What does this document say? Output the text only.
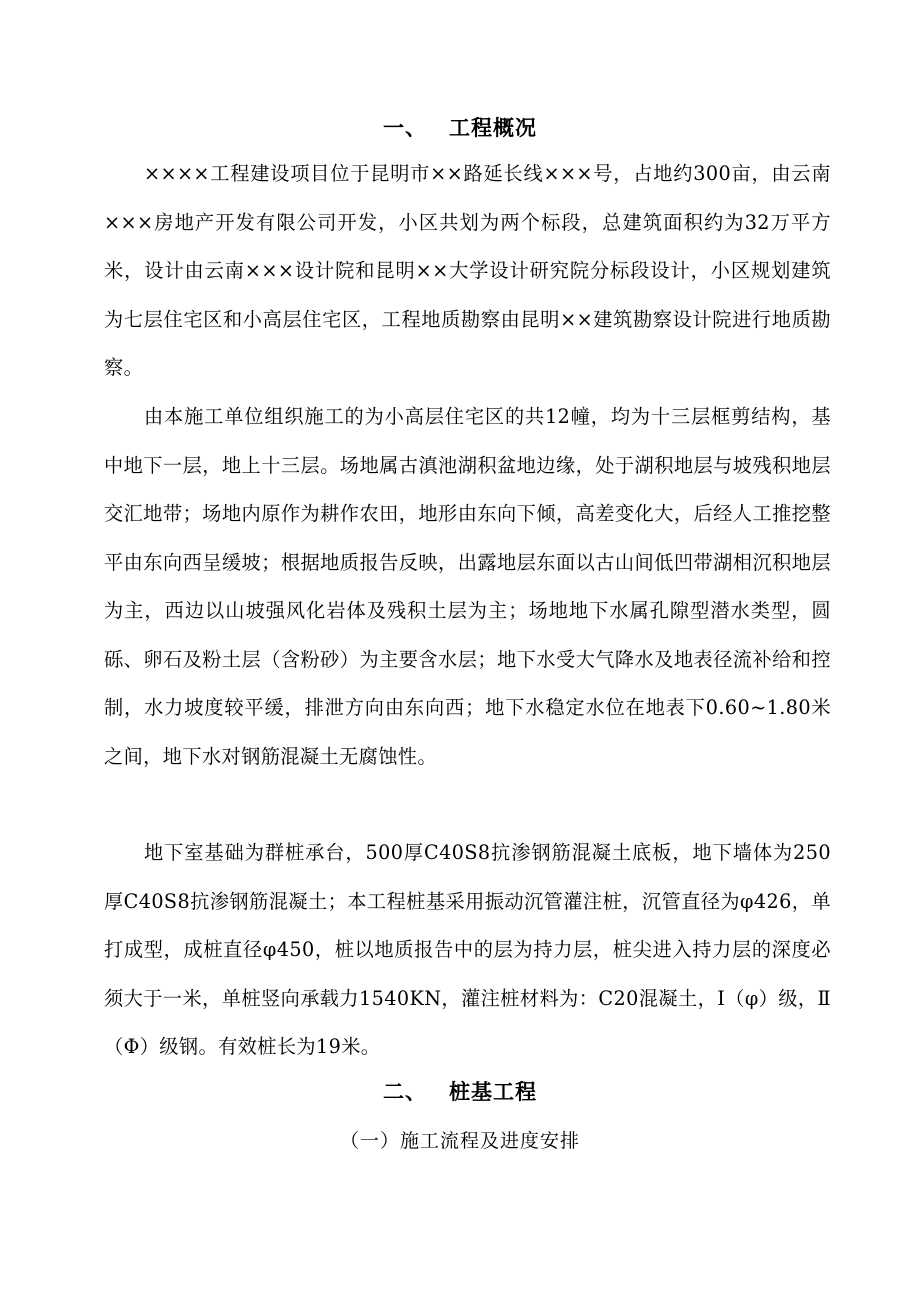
一、 工程概况

××××工程建设项目位于昆明市××路延长线×××号，占地约300亩，由云南×××房地产开发有限公司开发，小区共划为两个标段，总建筑面积约为32万平方米，设计由云南×××设计院和昆明××大学设计研究院分标段设计，小区规划建筑为七层住宅区和小高层住宅区，工程地质勘察由昆明××建筑勘察设计院进行地质勘察。

由本施工单位组织施工的为小高层住宅区的共12幢，均为十三层框剪结构，基中地下一层，地上十三层。场地属古滇池湖积盆地边缘，处于湖积地层与坡残积地层交汇地带；场地内原作为耕作农田，地形由东向下倾，高差变化大，后经人工推挖整平由东向西呈缓坡；根据地质报告反映，出露地层东面以古山间低凹带湖相沉积地层为主，西边以山坡强风化岩体及残积土层为主；场地地下水属孔隙型潜水类型，圆砾、卵石及粉土层（含粉砂）为主要含水层；地下水受大气降水及地表径流补给和控制，水力坡度较平缓，排泄方向由东向西；地下水稳定水位在地表下0.60~1.80米之间，地下水对钢筋混凝土无腐蚀性。

地下室基础为群桩承台，500厚C40S8抗渗钢筋混凝土底板，地下墙体为250厚C40S8抗渗钢筋混凝土；本工程桩基采用振动沉管灌注桩，沉管直径为φ426，单打成型，成桩直径φ450，桩以地质报告中的层为持力层，桩尖进入持力层的深度必须大于一米，单桩竖向承载力1540KN，灌注桩材料为：C20混凝土，Ⅰ（φ）级，Ⅱ（Φ）级钢。有效桩长为19米。

二、 桩基工程
（一）施工流程及进度安排
